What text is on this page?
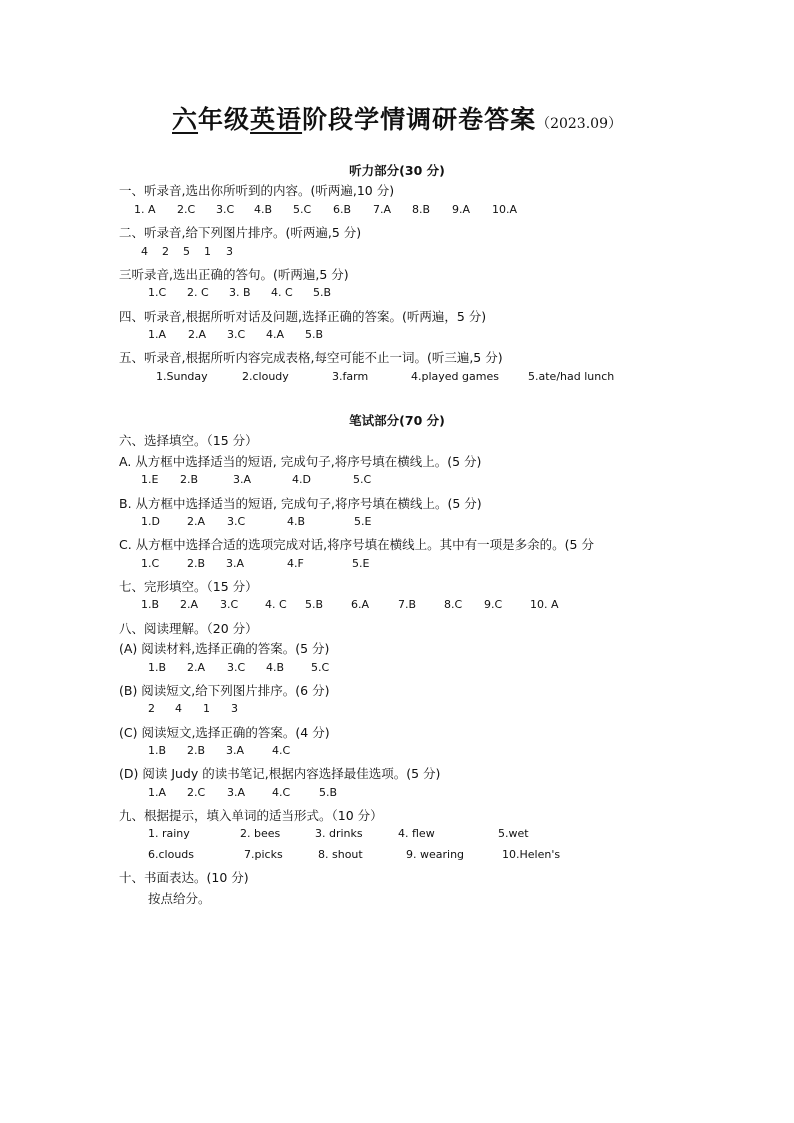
六年级英语阶段学情调研卷答案（2023.09）
听力部分(30 分)
一、听录音,选出你所听到的内容。(听两遍,10 分)
1. A 2.C 3.C 4.B 5.C 6.B 7.A 8.B 9.A 10.A
二、听录音,给下列图片排序。(听两遍,5 分)
4 2 5 1 3
三听录音,选出正确的答句。(听两遍,5 分)
1.C 2. C 3. B 4. C 5.B
四、听录音,根据所听对话及问题,选择正确的答案。(听两遍，5 分)
1.A 2.A 3.C 4.A 5.B
五、听录音,根据所听内容完成表格,每空可能不止一词。(听三遍,5 分)
1.Sunday	2.cloudy	3.farm	4.played games	5.ate/had lunch
笔试部分(70 分)
六、选择填空。（15 分）
A. 从方框中选择适当的短语, 完成句子,将序号填在横线上。(5 分)
1.E 2.B	3.A	4.D	5.C
B. 从方框中选择适当的短语, 完成句子,将序号填在横线上。(5 分)
1.D 2.A 3.C	4.B	5.E
C. 从方框中选择合适的选项完成对话,将序号填在横线上。其中有一项是多余的。(5 分
1.C	2.B 3.A	4.F	5.E
七、完形填空。（15 分）
1.B 2.A 3.C 4. C 5.B	6.A	7.B	8.C 9.C	10. A
八、阅读理解。（20 分）
(A) 阅读材料,选择正确的答案。(5 分)
1.B 2.A 3.C 4.B 5.C
(B) 阅读短文,给下列图片排序。(6 分)
2 4 1 3
(C) 阅读短文,选择正确的答案。(4 分)
1.B 2.B 3.A	4.C
(D) 阅读 Judy 的读书笔记,根据内容选择最佳选项。(5 分)
1.A 2.C 3.A 4.C	5.B
九、根据提示，填入单词的适当形式。（10 分）
1. rainy	2. bees	3. drinks	4. flew	5.wet
6.clouds	7.picks	8. shout	9. wearing	10.Helen's
十、书面表达。(10 分)
按点给分。
